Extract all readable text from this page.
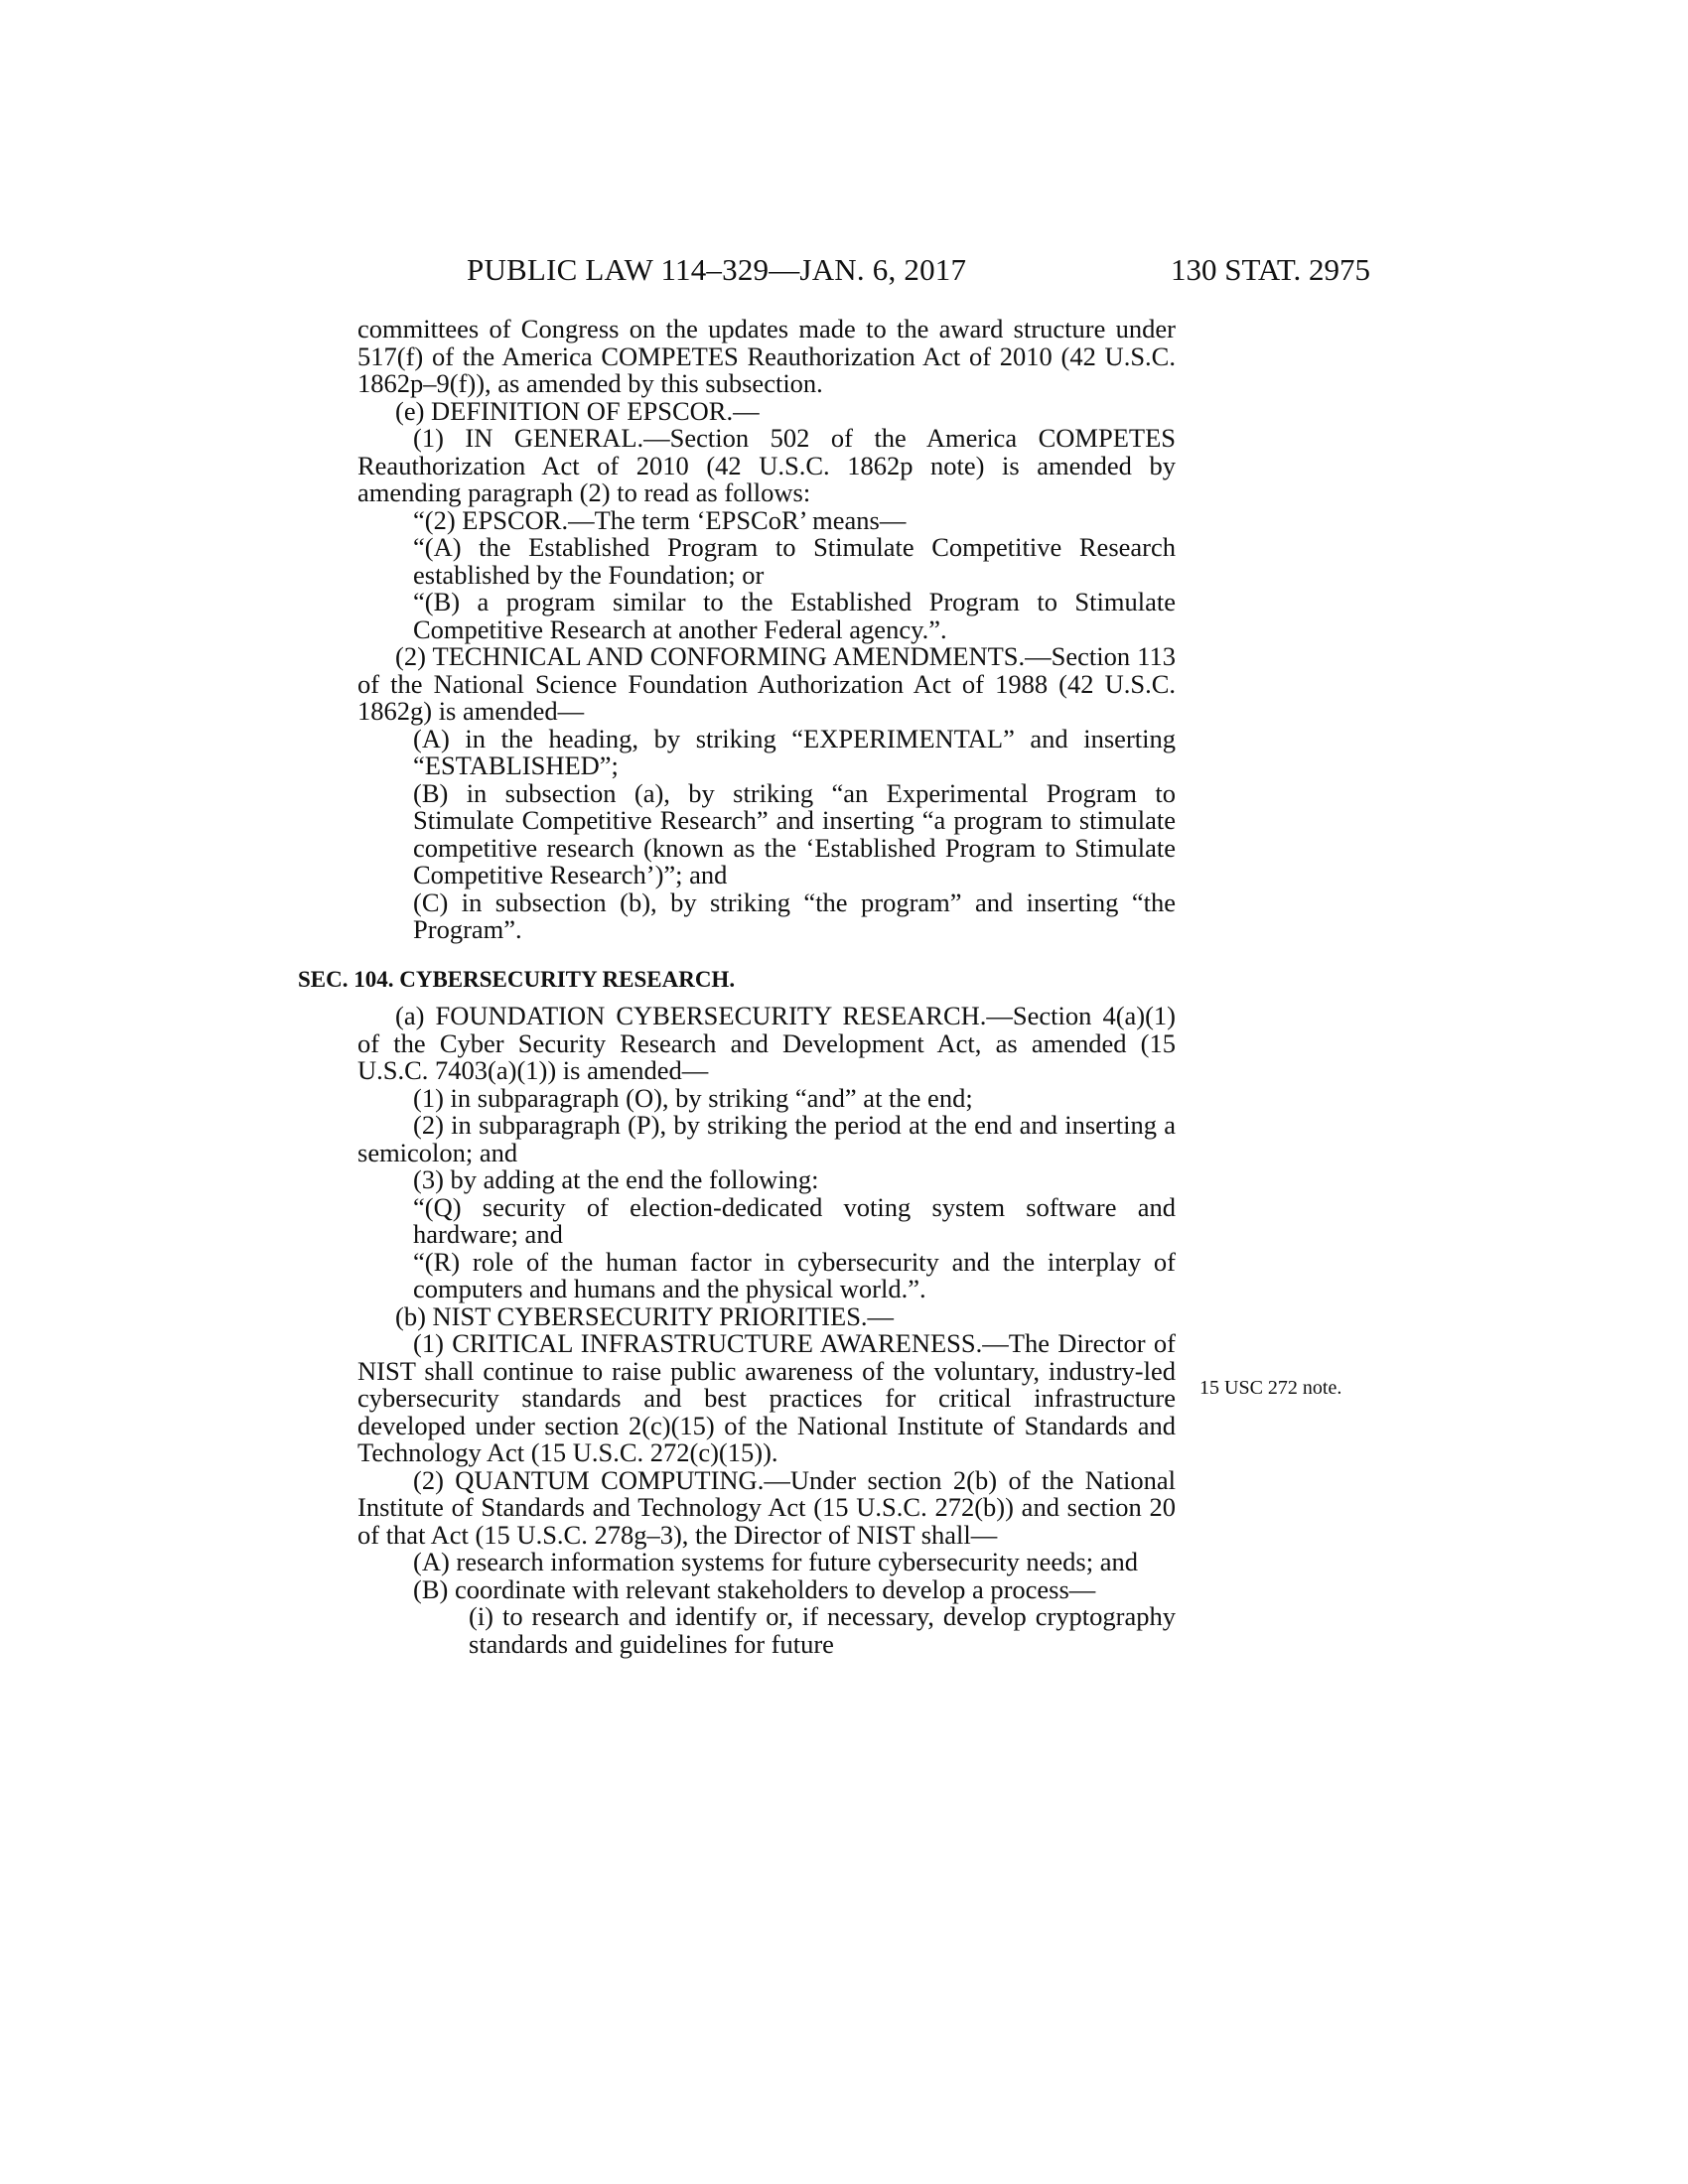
PUBLIC LAW 114–329—JAN. 6, 2017	130 STAT. 2975

committees of Congress on the updates made to the award structure under 517(f) of the America COMPETES Reauthorization Act of 2010 (42 U.S.C. 1862p–9(f)), as amended by this subsection.

(e) DEFINITION OF EPSCOR.—

(1) IN GENERAL.—Section 502 of the America COMPETES Reauthorization Act of 2010 (42 U.S.C. 1862p note) is amended by amending paragraph (2) to read as follows:

“(2) EPSCOR.—The term ‘EPSCoR’ means—

“(A) the Established Program to Stimulate Competitive Research established by the Foundation; or

“(B) a program similar to the Established Program to Stimulate Competitive Research at another Federal agency.”.

(2) TECHNICAL AND CONFORMING AMENDMENTS.—Section 113 of the National Science Foundation Authorization Act of 1988 (42 U.S.C. 1862g) is amended—

(A) in the heading, by striking “EXPERIMENTAL” and inserting “ESTABLISHED”;

(B) in subsection (a), by striking “an Experimental Program to Stimulate Competitive Research” and inserting “a program to stimulate competitive research (known as the ‘Established Program to Stimulate Competitive Research’)”; and

(C) in subsection (b), by striking “the program” and inserting “the Program”.

SEC. 104. CYBERSECURITY RESEARCH.

(a) FOUNDATION CYBERSECURITY RESEARCH.—Section 4(a)(1) of the Cyber Security Research and Development Act, as amended (15 U.S.C. 7403(a)(1)) is amended—

(1) in subparagraph (O), by striking “and” at the end;

(2) in subparagraph (P), by striking the period at the end and inserting a semicolon; and

(3) by adding at the end the following:

“(Q) security of election-dedicated voting system software and hardware; and

“(R) role of the human factor in cybersecurity and the interplay of computers and humans and the physical world.”.

(b) NIST CYBERSECURITY PRIORITIES.—

(1) CRITICAL INFRASTRUCTURE AWARENESS.—The Director of NIST shall continue to raise public awareness of the voluntary, industry-led cybersecurity standards and best practices for critical infrastructure developed under section 2(c)(15) of the National Institute of Standards and Technology Act (15 U.S.C. 272(c)(15)).

(2) QUANTUM COMPUTING.—Under section 2(b) of the National Institute of Standards and Technology Act (15 U.S.C. 272(b)) and section 20 of that Act (15 U.S.C. 278g–3), the Director of NIST shall—

(A) research information systems for future cybersecurity needs; and

(B) coordinate with relevant stakeholders to develop a process—

(i) to research and identify or, if necessary, develop cryptography standards and guidelines for future

15 USC 272 note.
